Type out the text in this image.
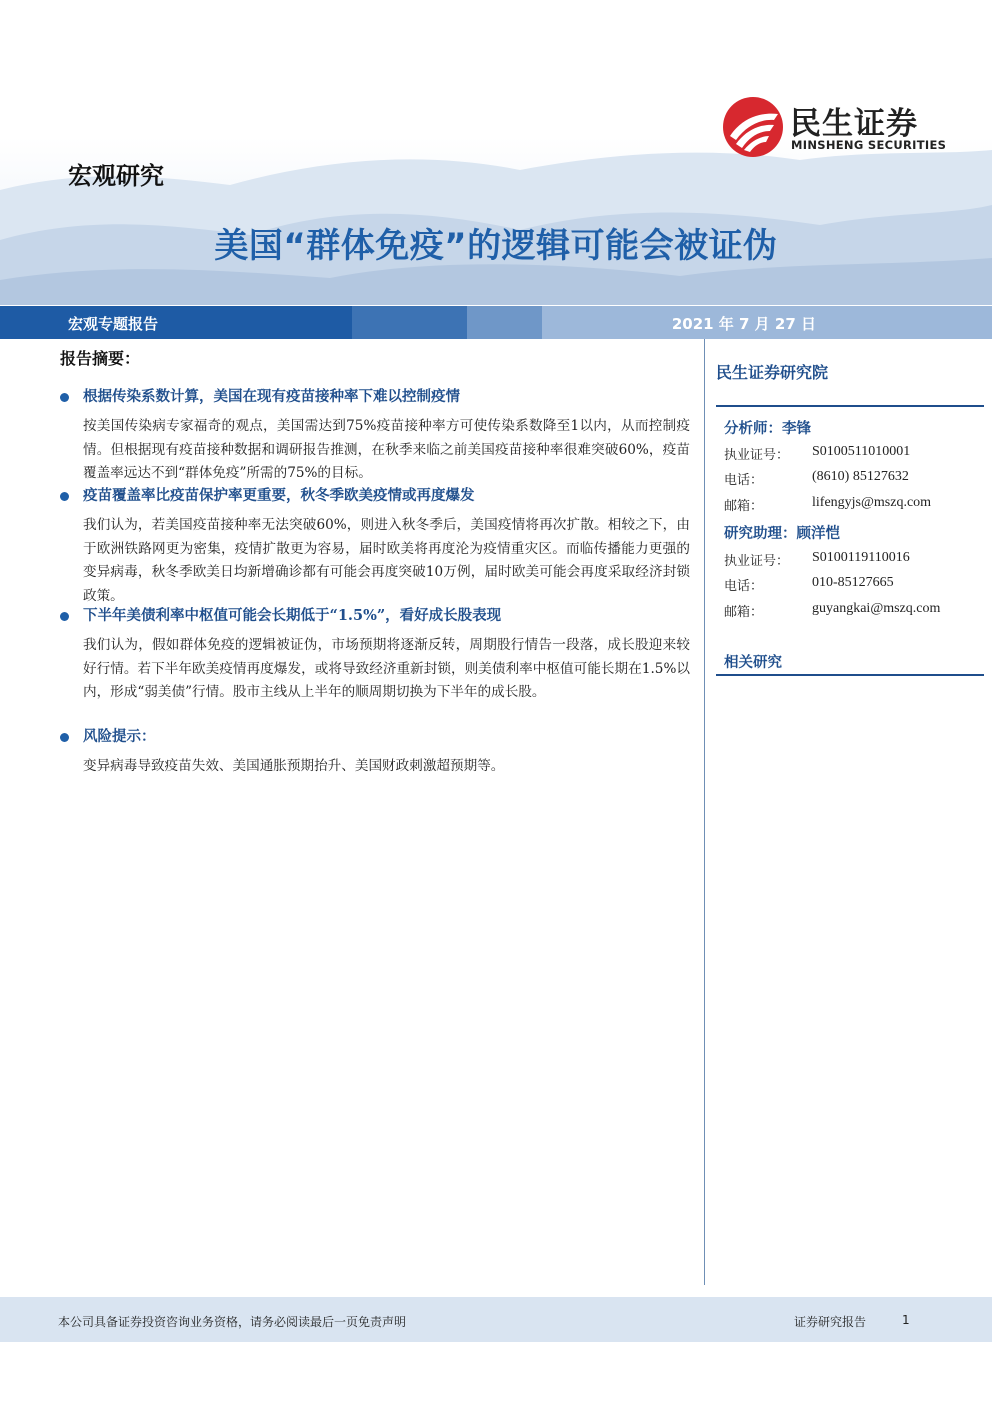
民生证券
MINSHENG SECURITIES
宏观研究
美国“群体免疫”的逻辑可能会被证伪
宏观专题报告	2021 年 7 月 27 日
报告摘要：
根据传染系数计算，美国在现有疫苗接种率下难以控制疫情
按美国传染病专家福奇的观点，美国需达到75%疫苗接种率方可使传染系数降至1以内，从而控制疫情。但根据现有疫苗接种数据和调研报告推测，在秋季来临之前美国疫苗接种率很难突破60%，疫苗覆盖率远达不到“群体免疫”所需的75%的目标。
疫苗覆盖率比疫苗保护率更重要，秋冬季欧美疫情或再度爆发
我们认为，若美国疫苗接种率无法突破60%，则进入秋冬季后，美国疫情将再次扩散。相较之下，由于欧洲铁路网更为密集，疫情扩散更为容易，届时欧美将再度沦为疫情重灾区。而临传播能力更强的变异病毒，秋冬季欧美日均新增确诊都有可能会再度突破10万例，届时欧美可能会再度采取经济封锁政策。
下半年美债利率中枢值可能会长期低于“1.5%”，看好成长股表现
我们认为，假如群体免疫的逻辑被证伪，市场预期将逐渐反转，周期股行情告一段落，成长股迎来较好行情。若下半年欧美疫情再度爆发，或将导致经济重新封锁，则美债利率中枢值可能长期在1.5%以内，形成“弱美债”行情。股市主线从上半年的顺周期切换为下半年的成长股。
风险提示：
变异病毒导致疫苗失效、美国通胀预期抬升、美国财政刺激超预期等。
民生证券研究院
分析师：李锋
执业证号：	S0100511010001
电话：	(8610) 85127632
邮箱：	lifengyjs@mszq.com
研究助理：顾洋恺
执业证号：	S0100119110016
电话：	010-85127665
邮箱：	guyangkai@mszq.com
相关研究
本公司具备证券投资咨询业务资格，请务必阅读最后一页免责声明	证券研究报告	1
